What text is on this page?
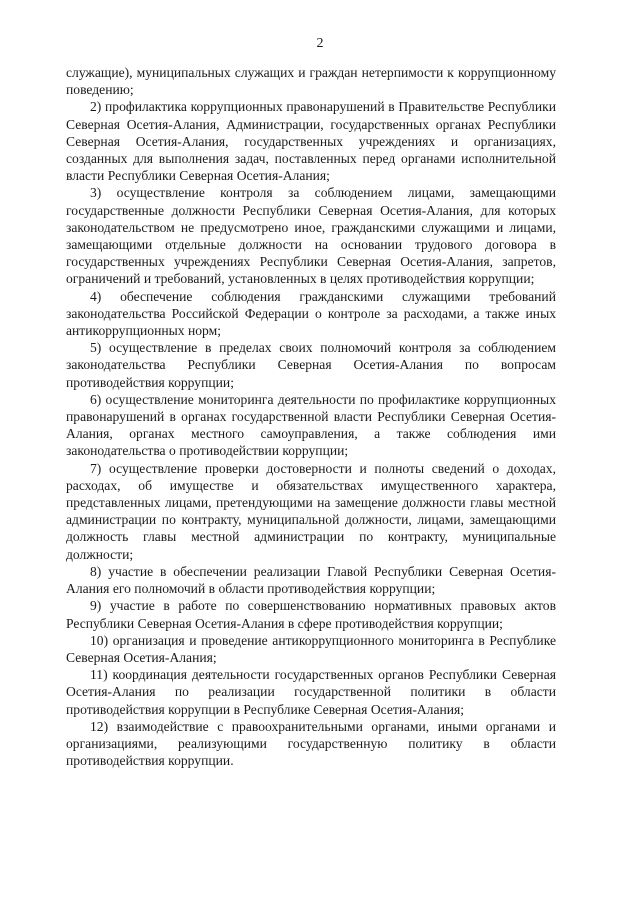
2

служащие), муниципальных служащих и граждан нетерпимости к коррупционному поведению;

2) профилактика коррупционных правонарушений в Правительстве Республики Северная Осетия-Алания, Администрации, государственных органах Республики Северная Осетия-Алания, государственных учреждениях и организациях, созданных для выполнения задач, поставленных перед органами исполнительной власти Республики Северная Осетия-Алания;

3) осуществление контроля за соблюдением лицами, замещающими государственные должности Республики Северная Осетия-Алания, для которых законодательством не предусмотрено иное, гражданскими служащими и лицами, замещающими отдельные должности на основании трудового договора в государственных учреждениях Республики Северная Осетия-Алания, запретов, ограничений и требований, установленных в целях противодействия коррупции;

4) обеспечение соблюдения гражданскими служащими требований законодательства Российской Федерации о контроле за расходами, а также иных антикоррупционных норм;

5) осуществление в пределах своих полномочий контроля за соблюдением законодательства Республики Северная Осетия-Алания по вопросам противодействия коррупции;

6) осуществление мониторинга деятельности по профилактике коррупционных правонарушений в органах государственной власти Республики Северная Осетия-Алания, органах местного самоуправления, а также соблюдения ими законодательства о противодействии коррупции;

7) осуществление проверки достоверности и полноты сведений о доходах, расходах, об имуществе и обязательствах имущественного характера, представленных лицами, претендующими на замещение должности главы местной администрации по контракту, муниципальной должности, лицами, замещающими должность главы местной администрации по контракту, муниципальные должности;

8) участие в обеспечении реализации Главой Республики Северная Осетия-Алания его полномочий в области противодействия коррупции;

9) участие в работе по совершенствованию нормативных правовых актов Республики Северная Осетия-Алания в сфере противодействия коррупции;

10) организация и проведение антикоррупционного мониторинга в Республике Северная Осетия-Алания;

11) координация деятельности государственных органов Республики Северная Осетия-Алания по реализации государственной политики в области противодействия коррупции в Республике Северная Осетия-Алания;

12) взаимодействие с правоохранительными органами, иными органами и организациями, реализующими государственную политику в области противодействия коррупции.
